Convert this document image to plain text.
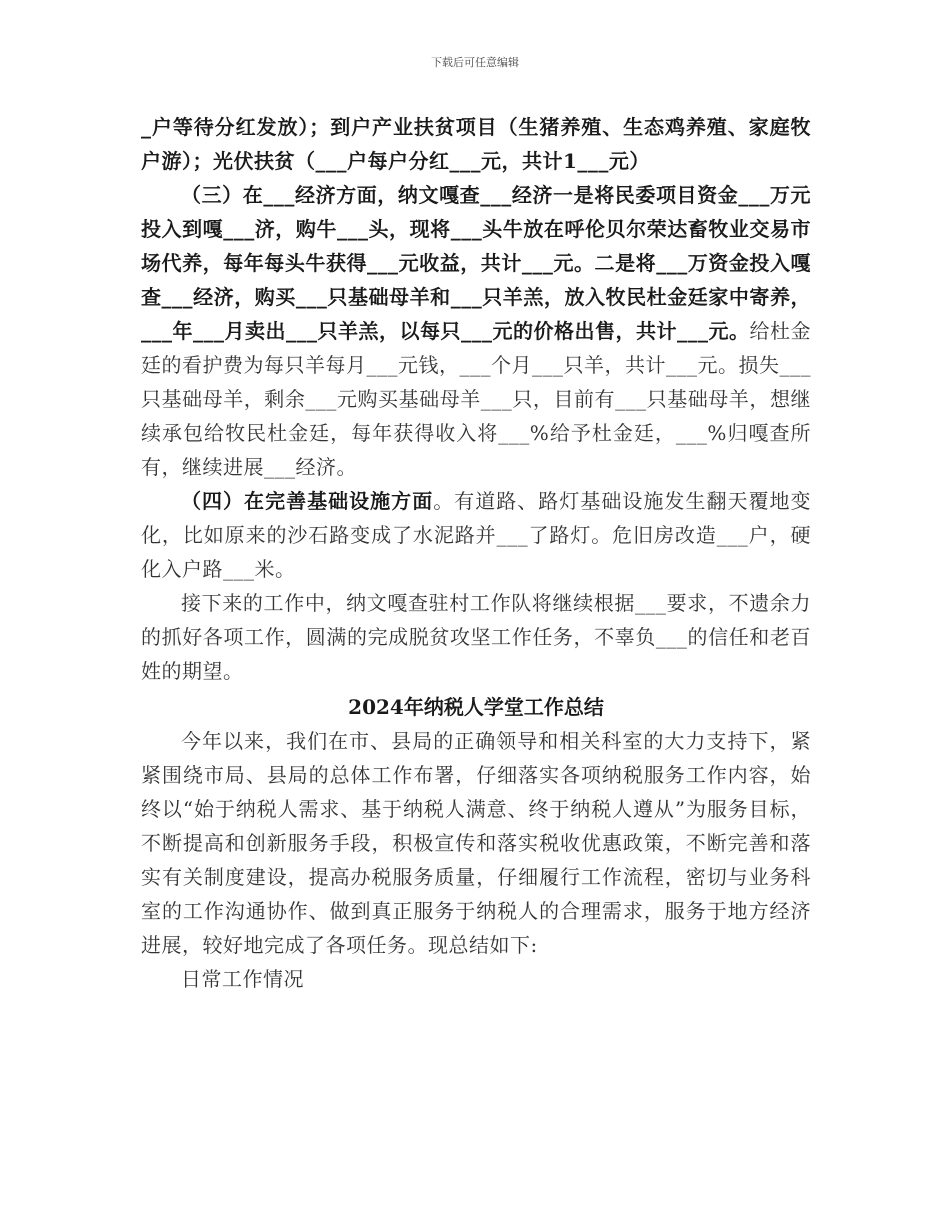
下载后可任意编辑

_户等待分红发放）；到户产业扶贫项目（生猪养殖、生态鸡养殖、家庭牧户游）；光伏扶贫（___户每户分红___元，共计1___元）

（三）在___经济方面，纳文嘎查___经济一是将民委项目资金___万元投入到嘎___济，购牛___头，现将___头牛放在呼伦贝尔荣达畜牧业交易市场代养，每年每头牛获得___元收益，共计___元。二是将___万资金投入嘎查___经济，购买___只基础母羊和___只羊羔，放入牧民杜金廷家中寄养，___年___月卖出___只羊羔，以每只___元的价格出售，共计___元。给杜金廷的看护费为每只羊每月___元钱，___个月___只羊，共计___元。损失___只基础母羊，剩余___元购买基础母羊___只，目前有___只基础母羊，想继续承包给牧民杜金廷，每年获得收入将___%给予杜金廷，___%归嘎查所有，继续进展___经济。

（四）在完善基础设施方面。有道路、路灯基础设施发生翻天覆地变化，比如原来的沙石路变成了水泥路并___了路灯。危旧房改造___户，硬化入户路___米。

接下来的工作中，纳文嘎查驻村工作队将继续根据___要求，不遗余力的抓好各项工作，圆满的完成脱贫攻坚工作任务，不辜负___的信任和老百姓的期望。

2024年纳税人学堂工作总结

今年以来，我们在市、县局的正确领导和相关科室的大力支持下，紧紧围绕市局、县局的总体工作布署，仔细落实各项纳税服务工作内容，始终以“始于纳税人需求、基于纳税人满意、终于纳税人遵从”为服务目标，不断提高和创新服务手段，积极宣传和落实税收优惠政策，不断完善和落实有关制度建设，提高办税服务质量，仔细履行工作流程，密切与业务科室的工作沟通协作、做到真正服务于纳税人的合理需求，服务于地方经济进展，较好地完成了各项任务。现总结如下:

日常工作情况
